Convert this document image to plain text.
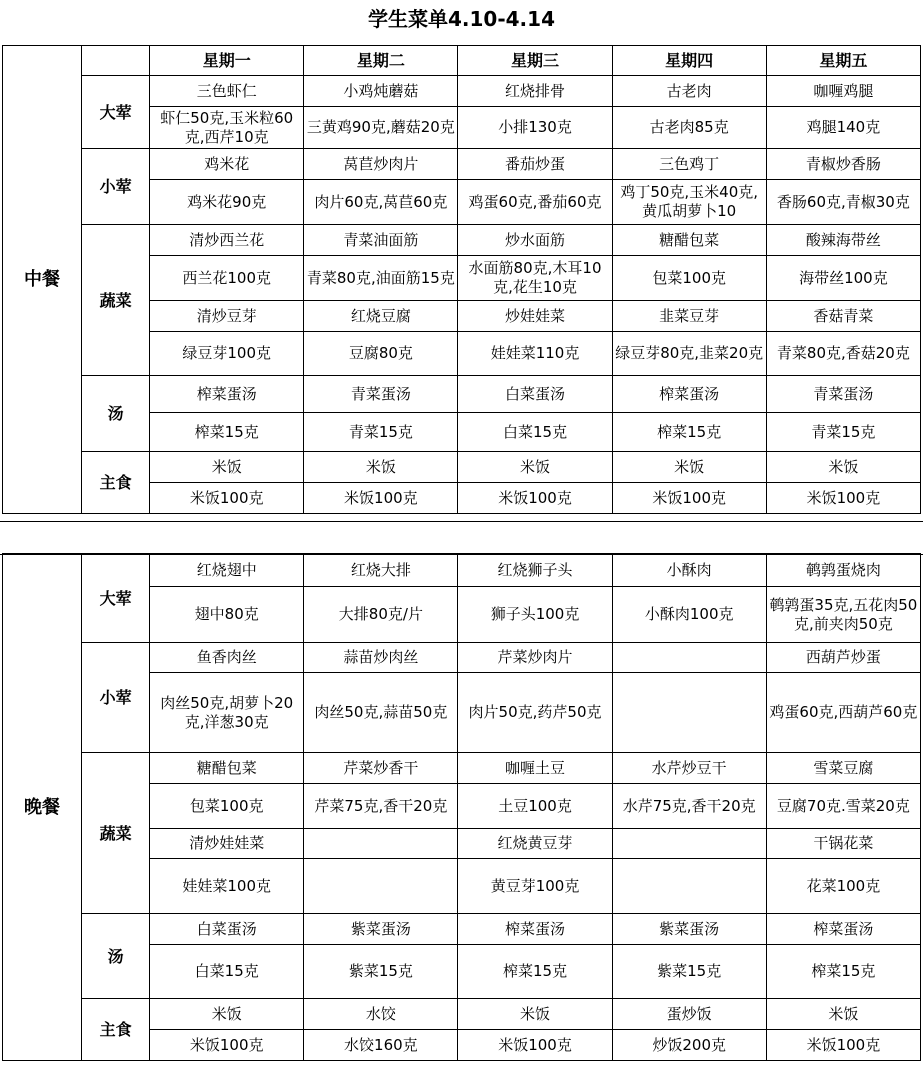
学生菜单4.10-4.14
中餐		星期一	星期二	星期三	星期四	星期五
	大荤	三色虾仁	小鸡炖蘑菇	红烧排骨	古老肉	咖喱鸡腿

		虾仁50克,玉米粒60克,西芹10克	三黄鸡90克,蘑菇20克	小排130克	古老肉85克	鸡腿140克

	小荤	鸡米花	莴苣炒肉片	番茄炒蛋	三色鸡丁	青椒炒香肠

		鸡米花90克	肉片60克,莴苣60克	鸡蛋60克,番茄60克	鸡丁50克,玉米40克,黄瓜胡萝卜10	香肠60克,青椒30克

	蔬菜	清炒西兰花	青菜油面筋	炒水面筋	糖醋包菜	酸辣海带丝

		西兰花100克	青菜80克,油面筋15克	水面筋80克,木耳10克,花生10克	包菜100克	海带丝100克

		清炒豆芽	红烧豆腐	炒娃娃菜	韭菜豆芽	香菇青菜

		绿豆芽100克	豆腐80克	娃娃菜110克	绿豆芽80克,韭菜20克	青菜80克,香菇20克

	汤	榨菜蛋汤	青菜蛋汤	白菜蛋汤	榨菜蛋汤	青菜蛋汤

		榨菜15克	青菜15克	白菜15克	榨菜15克	青菜15克

	主食	米饭	米饭	米饭	米饭	米饭

		米饭100克	米饭100克	米饭100克	米饭100克	米饭100克
晚餐	大荤	红烧翅中	红烧大排	红烧狮子头	小酥肉	鹌鹑蛋烧肉

		翅中80克	大排80克/片	狮子头100克	小酥肉100克	鹌鹑蛋35克,五花肉50克,前夹肉50克

	小荤	鱼香肉丝	蒜苗炒肉丝	芹菜炒肉片		西葫芦炒蛋

		肉丝50克,胡萝卜20克,洋葱30克	肉丝50克,蒜苗50克	肉片50克,药芹50克		鸡蛋60克,西葫芦60克

	蔬菜	糖醋包菜	芹菜炒香干	咖喱土豆	水芹炒豆干	雪菜豆腐

		包菜100克	芹菜75克,香干20克	土豆100克	水芹75克,香干20克	豆腐70克.雪菜20克

		清炒娃娃菜		红烧黄豆芽		干锅花菜

		娃娃菜100克		黄豆芽100克		花菜100克

	汤	白菜蛋汤	紫菜蛋汤	榨菜蛋汤	紫菜蛋汤	榨菜蛋汤

		白菜15克	紫菜15克	榨菜15克	紫菜15克	榨菜15克

	主食	米饭	水饺	米饭	蛋炒饭	米饭

		米饭100克	水饺160克	米饭100克	炒饭200克	米饭100克
